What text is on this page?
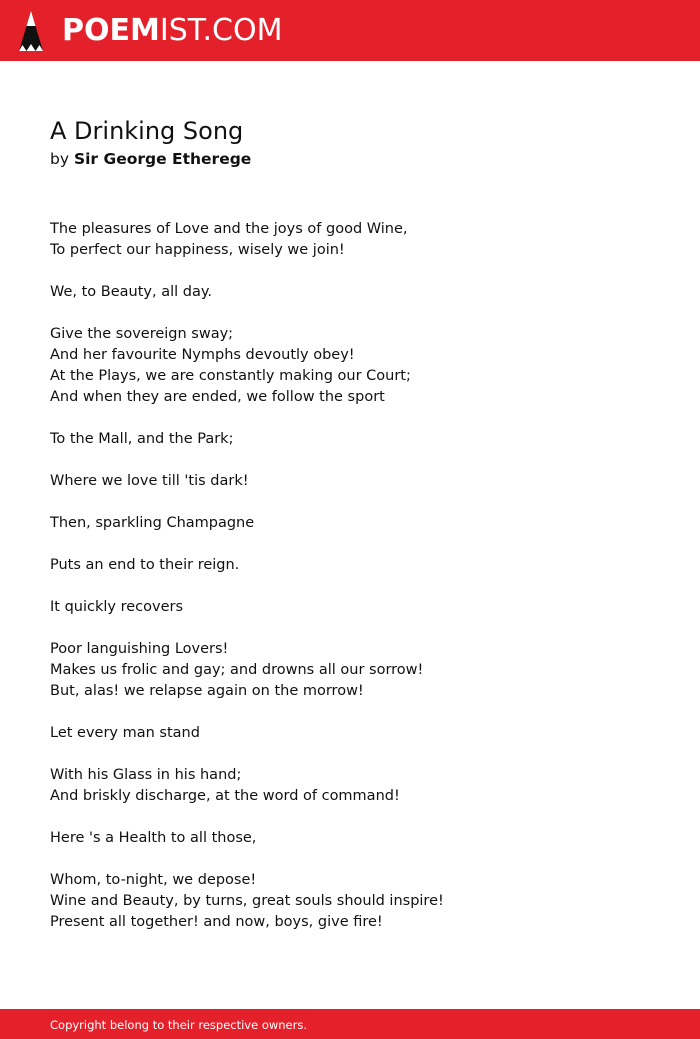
POEMIST.COM
A Drinking Song
by Sir George Etherege
The pleasures of Love and the joys of good Wine,
To perfect our happiness, wisely we join!
We, to Beauty, all day.
Give the sovereign sway;
And her favourite Nymphs devoutly obey!
At the Plays, we are constantly making our Court;
And when they are ended, we follow the sport
To the Mall, and the Park;
Where we love till 'tis dark!
Then, sparkling Champagne
Puts an end to their reign.
It quickly recovers
Poor languishing Lovers!
Makes us frolic and gay; and drowns all our sorrow!
But, alas! we relapse again on the morrow!
Let every man stand
With his Glass in his hand;
And briskly discharge, at the word of command!
Here 's a Health to all those,
Whom, to-night, we depose!
Wine and Beauty, by turns, great souls should inspire!
Present all together! and now, boys, give fire!
Copyright belong to their respective owners.
